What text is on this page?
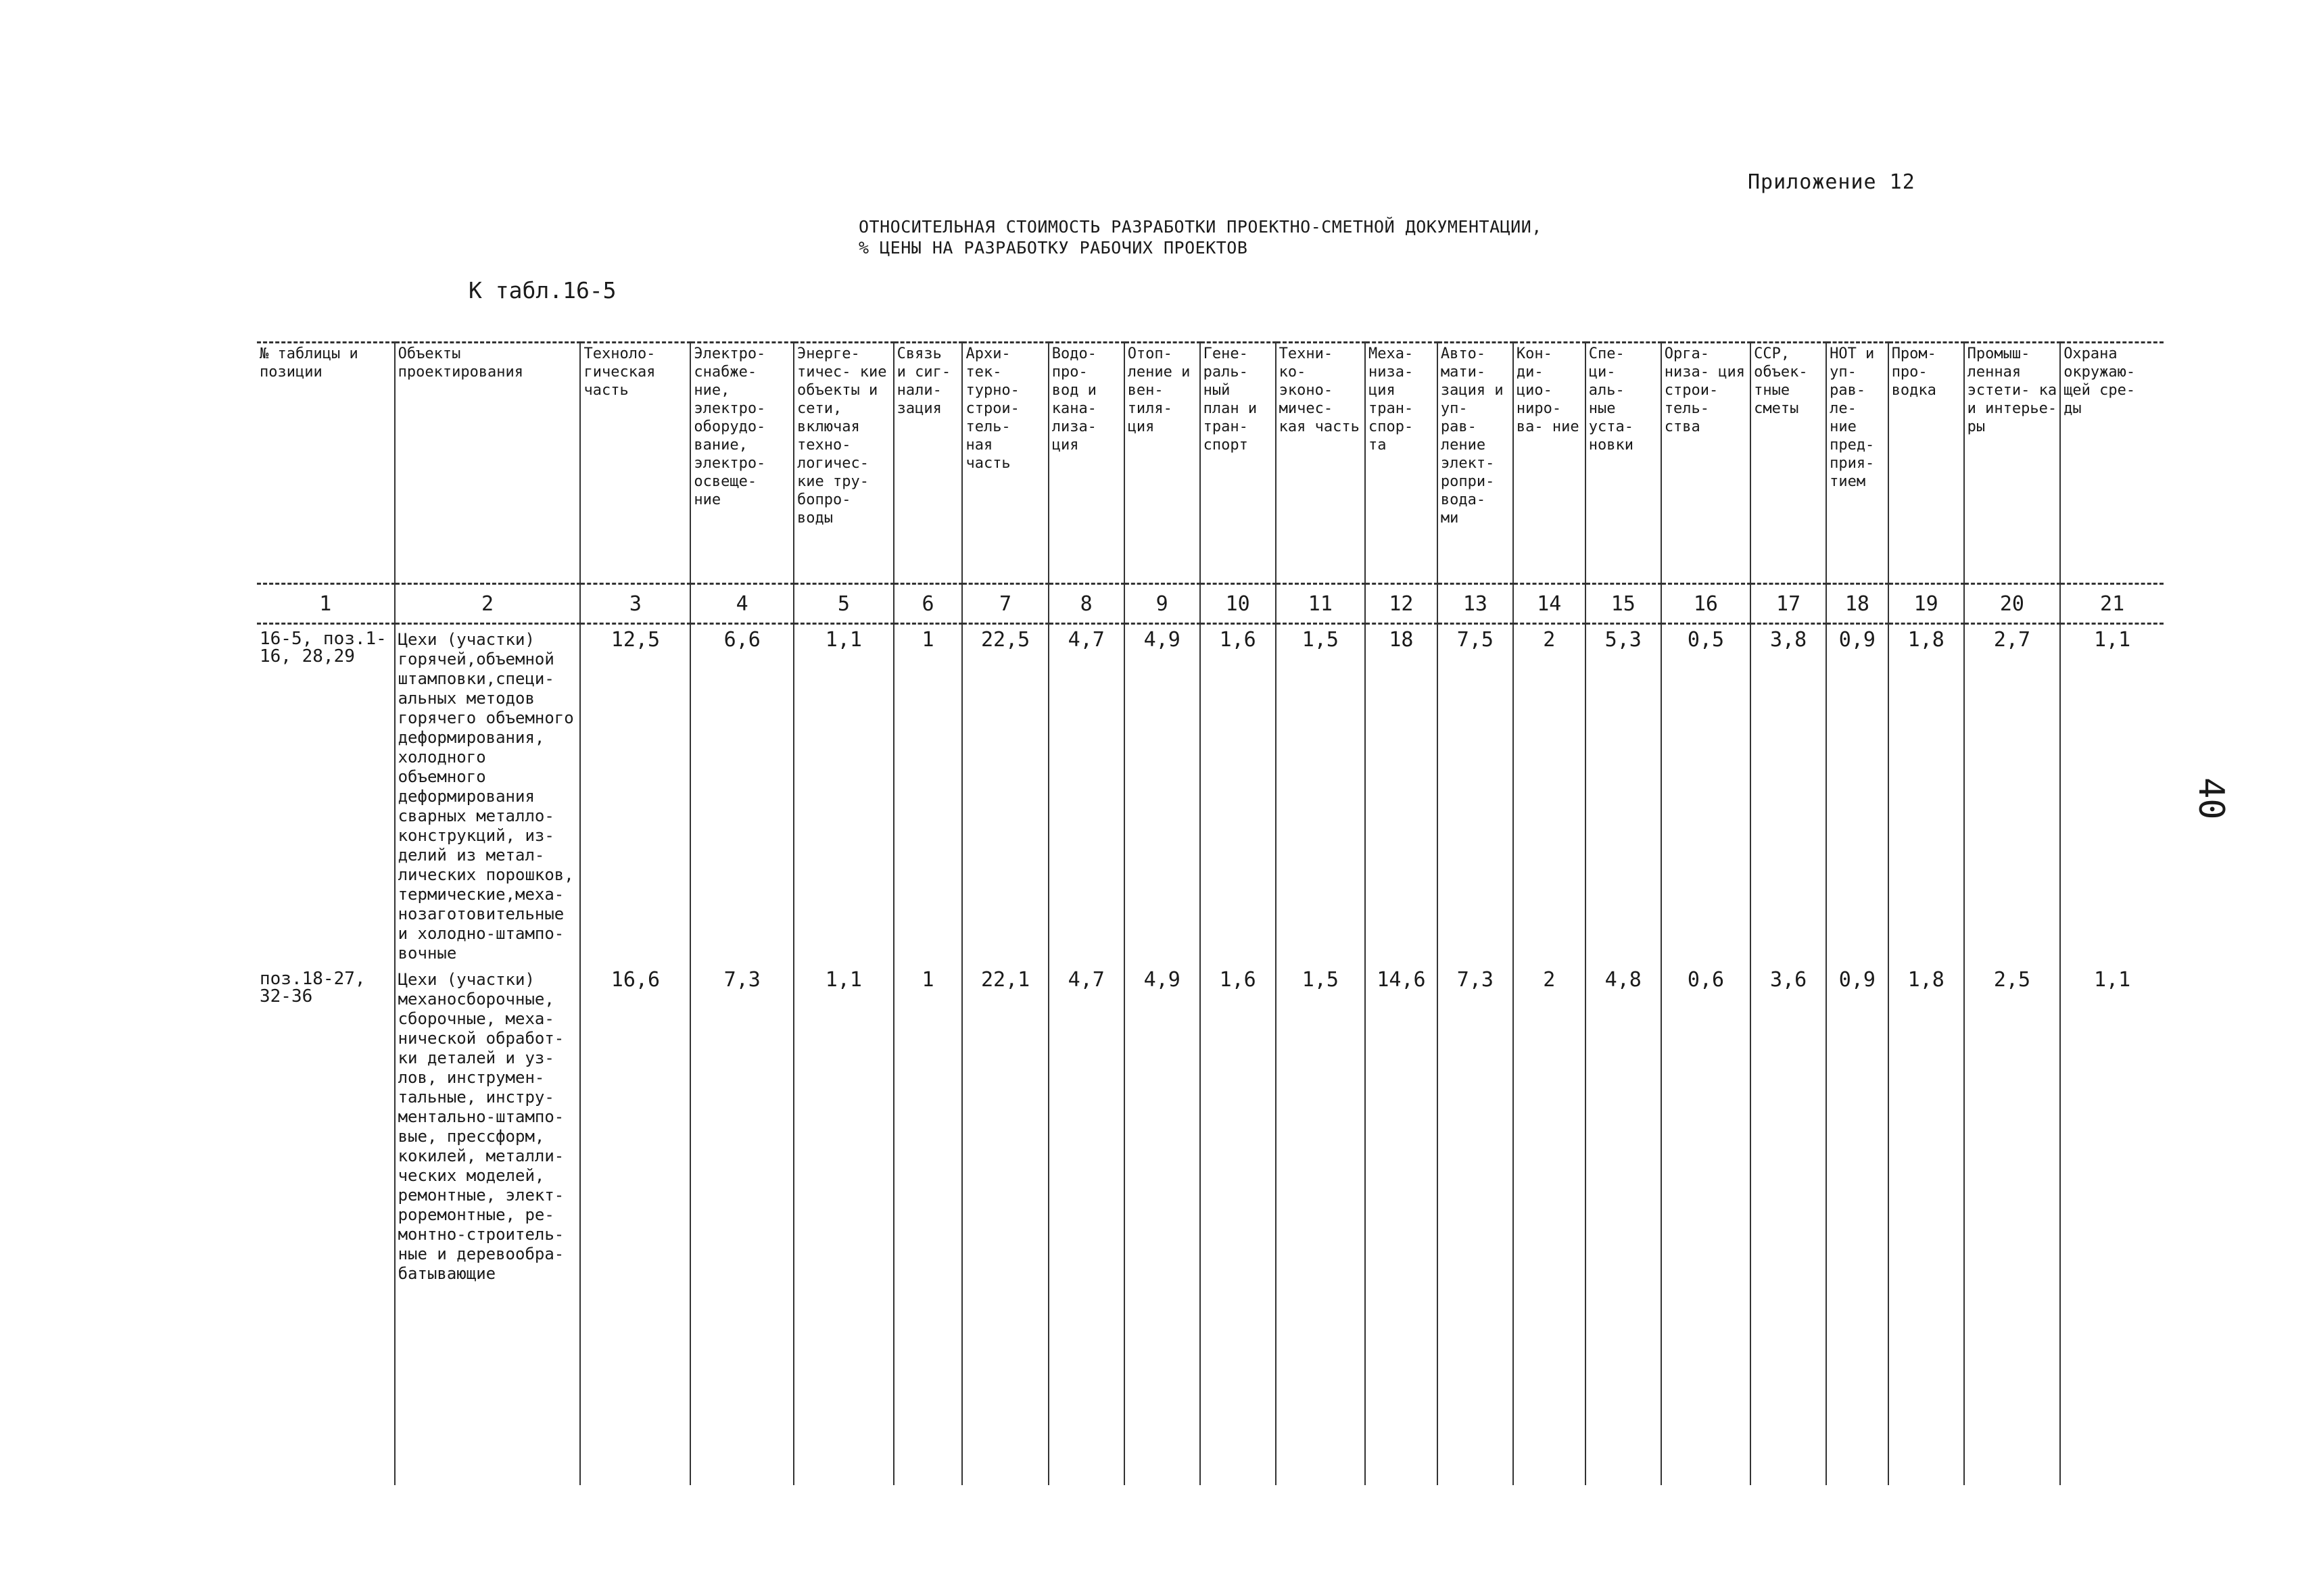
Приложение 12
ОТНОСИТЕЛЬНАЯ СТОИМОСТЬ РАЗРАБОТКИ ПРОЕКТНО-СМЕТНОЙ ДОКУМЕНТАЦИИ,
% ЦЕНЫ НА РАЗРАБОТКУ РАБОЧИХ ПРОЕКТОВ
К табл.16-5
40
№ таблицы и позиции	Объекты проектирования	Техноло- гическая часть	Электро- снабже- ние, электро- оборудо- вание, электро- освеще- ние	Энерге- тичес- кие объекты и сети, включая техно- логичес- кие тру- бопро- воды	Связь и сиг- нали- зация	Архи- тек- турно- строи- тель- ная часть	Водо- про- вод и кана- лиза- ция	Отоп- ление и вен- тиля- ция	Гене- раль- ный план и тран- спорт	Техни- ко- эконо- мичес- кая часть	Меха- низа- ция тран- спор- та	Авто- мати- зация и уп- рав- ление элект- ропри- вода- ми	Кон- ди- цио- ниро- ва- ние	Спе- ци- аль- ные уста- новки	Орга- низа- ция строи- тель- ства	ССР, объек- тные сметы	НОТ и уп- рав- ле- ние пред- прия- тием	Пром- про- водка	Промыш- ленная эстети- ка и интерье- ры	Охрана окружаю- щей сре- ды
1	2	3	4	5	6	7	8	9	10	11	12	13	14	15	16	17	18	19	20	21
16-5, поз.1-16, 28,29	Цехи (участки) горячей,объемной штамповки,специ- альных методов горячего объемного деформирования, холодного объемного деформирования сварных металло- конструкций, из- делий из метал- лических порошков, термические,меха- нозаготовительные и холодно-штампо- вочные	12,5	6,6	1,1	1	22,5	4,7	4,9	1,6	1,5	18	7,5	2	5,3	0,5	3,8	0,9	1,8	2,7	1,1
поз.18-27, 32-36	Цехи (участки) механосборочные, сборочные, меха- нической обработ- ки деталей и уз- лов, инструмен- тальные, инстру- ментально-штампо- вые, прессформ, кокилей, металли- ческих моделей, ремонтные, элект- роремонтные, ре- монтно-строитель- ные и деревообра- батывающие	16,6	7,3	1,1	1	22,1	4,7	4,9	1,6	1,5	14,6	7,3	2	4,8	0,6	3,6	0,9	1,8	2,5	1,1
